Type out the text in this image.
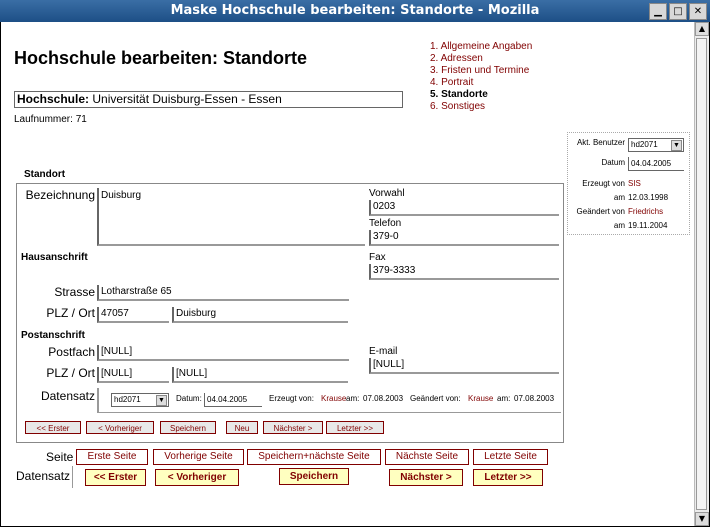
Maske Hochschule bearbeiten: Standorte - Mozilla	▁	□	✕
▲
▼
Hochschule bearbeiten: Standorte
1. Allgemeine Angaben
2. Adressen
3. Fristen und Termine
4. Portrait
5. Standorte
6. Sonstiges
Hochschule: Universität Duisburg-Essen - Essen
Laufnummer: 71
Akt. Benutzer hd2071 ▼
Datum 04.04.2005
Erzeugt von SIS
am 12.03.1998
Geändert von Friedrichs
am 19.11.2004
Standort
Bezeichnung Duisburg	Vorwahl
0203
Telefon
379-0
Hausanschrift	Fax
379-3333
Strasse Lotharstraße 65
PLZ / Ort 47057	Duisburg
Postanschrift
Postfach [NULL]	E-mail
[NULL]
PLZ / Ort [NULL]	[NULL]
Datensatz	hd2071 ▼ Datum: 04.04.2005	Erzeugt von: Krause am: 07.08.2003 Geändert von: Krause am: 07.08.2003
<< Erster	< Vorheriger	Speichern	Neu	Nächster >	Letzter >>
Seite	Erste Seite	Vorherige Seite	Speichern+nächste Seite	Nächste Seite	Letzte Seite
Datensatz	<< Erster	< Vorheriger	Speichern	Nächster >	Letzter >>
